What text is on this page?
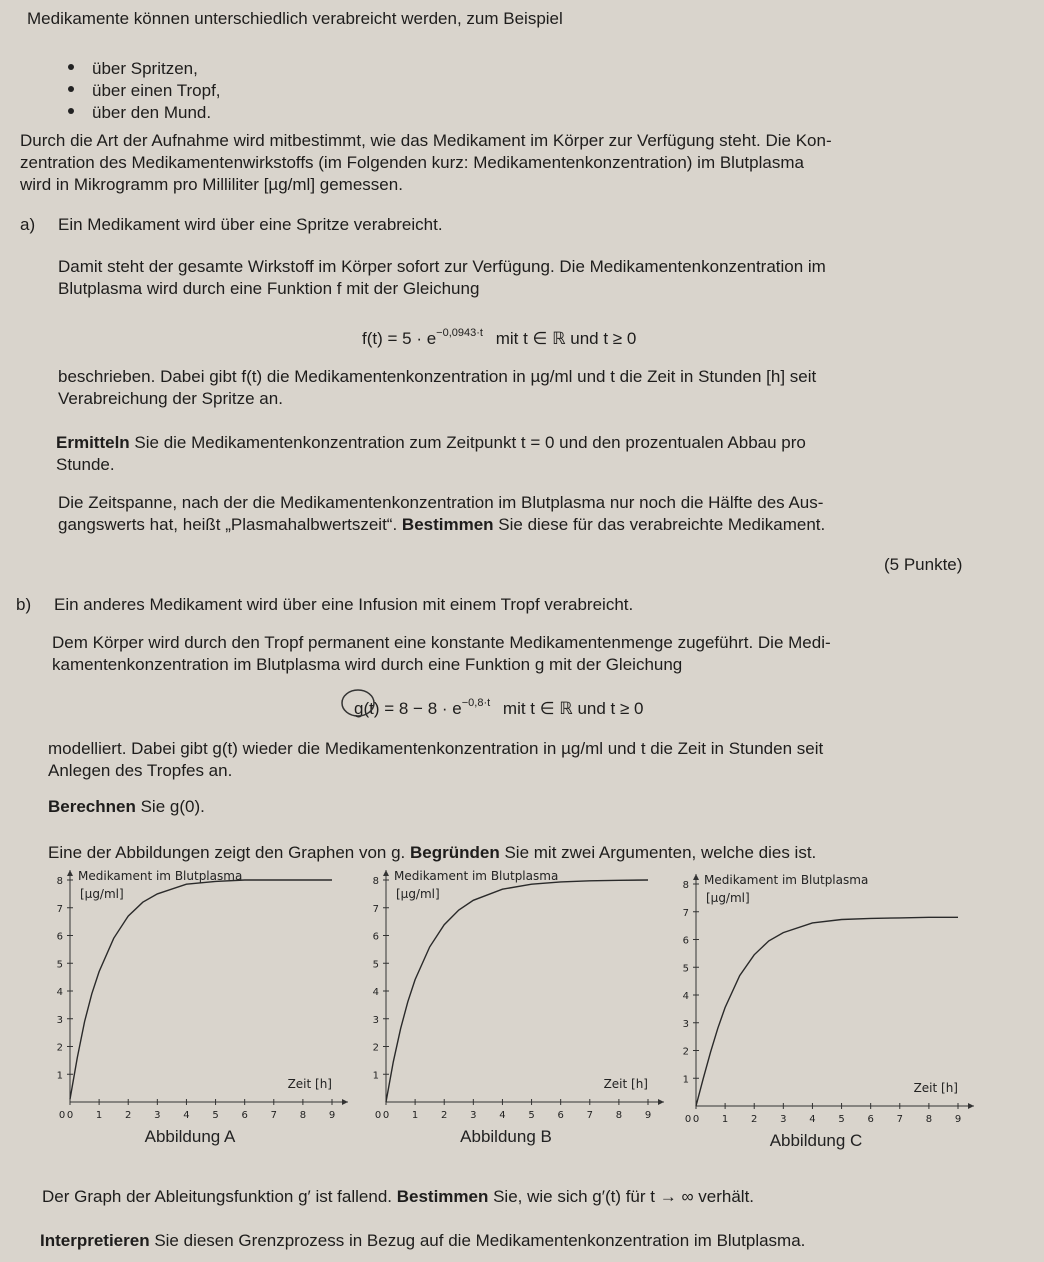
Medikamente können unterschiedlich verabreicht werden, zum Beispiel
über Spritzen,
über einen Tropf,
über den Mund.
Durch die Art der Aufnahme wird mitbestimmt, wie das Medikament im Körper zur Verfügung steht. Die Kon-
zentration des Medikamentenwirkstoffs (im Folgenden kurz: Medikamentenkonzentration) im Blutplasma
wird in Mikrogramm pro Milliliter [µg/ml] gemessen.
a) Ein Medikament wird über eine Spritze verabreicht.
Damit steht der gesamte Wirkstoff im Körper sofort zur Verfügung. Die Medikamentenkonzentration im
Blutplasma wird durch eine Funktion f mit der Gleichung
$f(t) = 5 \cdot e^{-0,0943\cdot t}$ mit t ∈ ℝ und t ≥ 0
beschrieben. Dabei gibt f(t) die Medikamentenkonzentration in µg/ml und t die Zeit in Stunden [h] seit
Verabreichung der Spritze an.
Ermitteln Sie die Medikamentenkonzentration zum Zeitpunkt t = 0 und den prozentualen Abbau pro
Stunde.
Die Zeitspanne, nach der die Medikamentenkonzentration im Blutplasma nur noch die Hälfte des Aus-
gangswerts hat, heißt „Plasmahalbwertszeit“. Bestimmen Sie diese für das verabreichte Medikament.
(5 Punkte)
b) Ein anderes Medikament wird über eine Infusion mit einem Tropf verabreicht.
Dem Körper wird durch den Tropf permanent eine konstante Medikamentenmenge zugeführt. Die Medi-
kamentenkonzentration im Blutplasma wird durch eine Funktion g mit der Gleichung
$g(t) = 8 - 8 \cdot e^{-0,8\cdot t}$ mit t ∈ ℝ und t ≥ 0
modelliert. Dabei gibt g(t) wieder die Medikamentenkonzentration in µg/ml und t die Zeit in Stunden seit
Anlegen des Tropfes an.
Berechnen Sie g(0).
Eine der Abbildungen zeigt den Graphen von g. Begründen Sie mit zwei Argumenten, welche dies ist.
0 1 2 3 4 5 6 7 8 9
1
2
3
4
5
6
7
8
0
Medikament im Blutplasma
[µg/ml]
Zeit [h]
Abbildung A
0 1 2 3 4 5 6 7 8 9
1
2
3
4
5
6
7
8
0
Medikament im Blutplasma
[µg/ml]
Zeit [h]
Abbildung B
0 1 2 3 4 5 6 7 8 9
1
2
3
4
5
6
7
8
0
Medikament im Blutplasma
[µg/ml]
Zeit [h]
Abbildung C
Der Graph der Ableitungsfunktion g′ ist fallend. Bestimmen Sie, wie sich g′(t) für t → ∞ verhält.
Interpretieren Sie diesen Grenzprozess in Bezug auf die Medikamentenkonzentration im Blutplasma.
